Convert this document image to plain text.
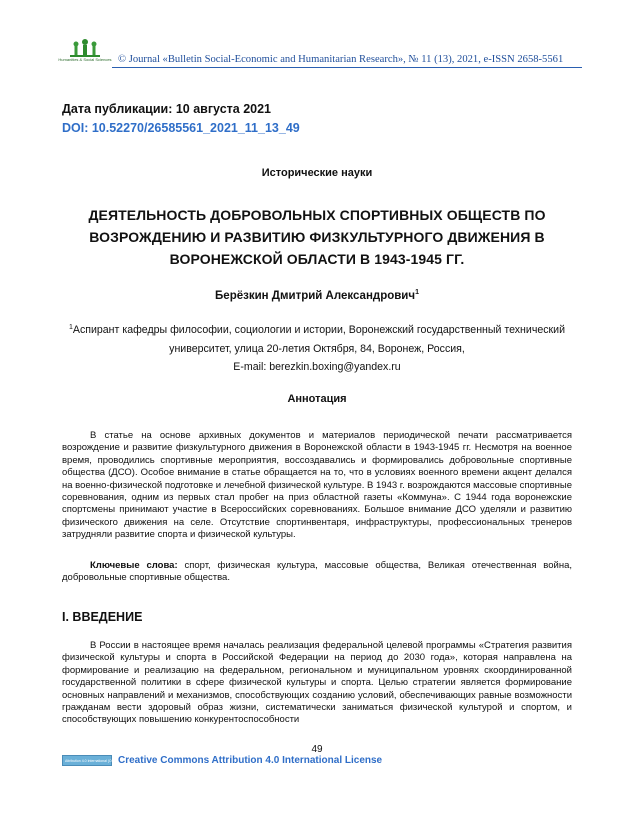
Humanities & Social Sciences © Journal «Bulletin Social-Economic and Humanitarian Research», № 11 (13), 2021, e-ISSN 2658-5561
Дата публикации: 10 августа 2021
DOI: 10.52270/26585561_2021_11_13_49
Исторические науки
ДЕЯТЕЛЬНОСТЬ ДОБРОВОЛЬНЫХ СПОРТИВНЫХ ОБЩЕСТВ ПО ВОЗРОЖДЕНИЮ И РАЗВИТИЮ ФИЗКУЛЬТУРНОГО ДВИЖЕНИЯ В ВОРОНЕЖСКОЙ ОБЛАСТИ В 1943-1945 ГГ.
Берёзкин Дмитрий Александрович$^1$
$^1$Аспирант кафедры философии, социологии и истории, Воронежский государственный технический университет, улица 20-летия Октября, 84, Воронеж, Россия,
E-mail: berezkin.boxing@yandex.ru
Аннотация
В статье на основе архивных документов и материалов периодической печати рассматривается возрождение и развитие физкультурного движения в Воронежской области в 1943-1945 гг. Несмотря на военное время, проводились спортивные мероприятия, воссоздавались и формировались добровольные спортивные общества (ДСО). Особое внимание в статье обращается на то, что в условиях военного времени акцент делался на военно-физической подготовке и лечебной физической культуре. В 1943 г. возрождаются массовые спортивные соревнования, одним из первых стал пробег на приз областной газеты «Коммуна». С 1944 года воронежские спортсмены принимают участие в Всероссийских соревнованиях. Большое внимание ДСО уделяли и развитию физического движения на селе. Отсутствие спортинвентаря, инфраструктуры, профессиональных тренеров затрудняли развитие спорта и физической культуры.
Ключевые слова: спорт, физическая культура, массовые общества, Великая отечественная война, добровольные спортивные общества.
I. ВВЕДЕНИЕ
В России в настоящее время началась реализация федеральной целевой программы «Стратегия развития физической культуры и спорта в Российской Федерации на период до 2030 года», которая направлена на формирование и реализацию на федеральном, региональном и муниципальном уровнях скоординированной государственной политики в сфере физической культуры и спорта. Целью стратегии является формирование основных направлений и механизмов, способствующих созданию условий, обеспечивающих равные возможности гражданам вести здоровый образ жизни, систематически заниматься физической культурой и спортом, и способствующих повышению конкурентоспособности
49
Attribution 4.0 International (CC BY 4.0)
Creative Commons Attribution 4.0 International License
